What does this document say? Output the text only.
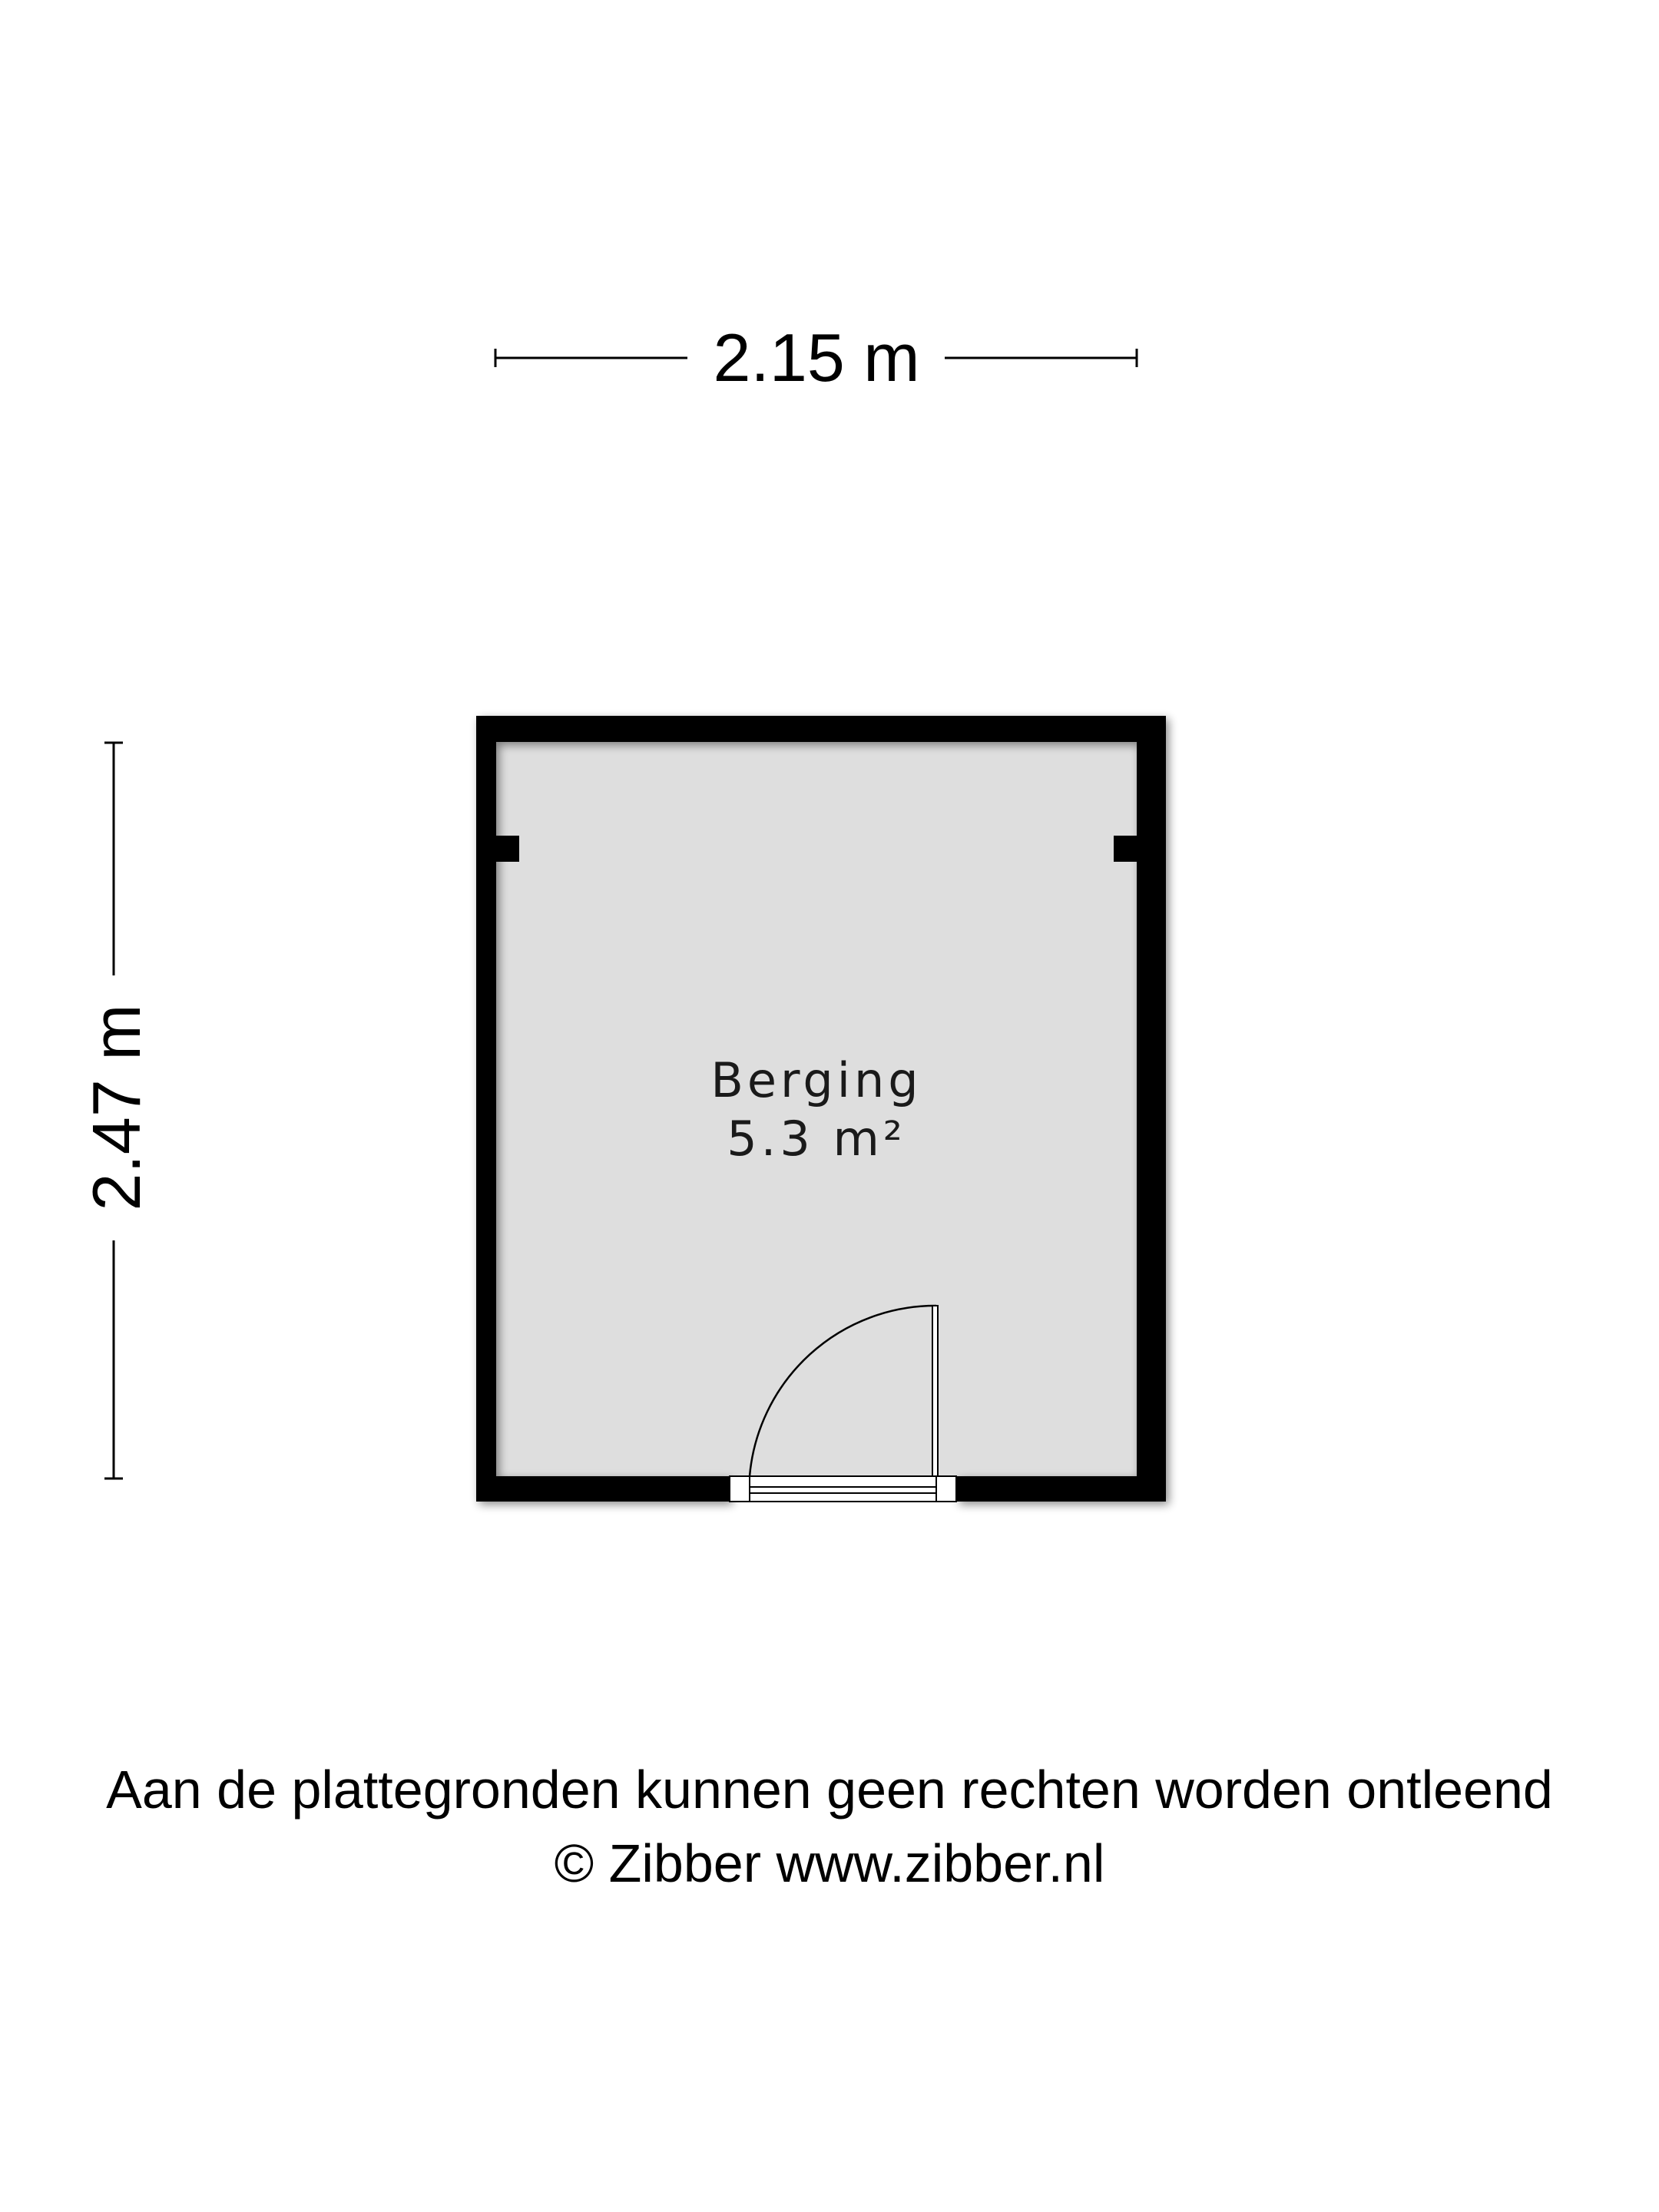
2.15 m
2.47 m	Berging
5.3 m²
Aan de plattegronden kunnen geen rechten worden ontleend
© Zibber www.zibber.nl
